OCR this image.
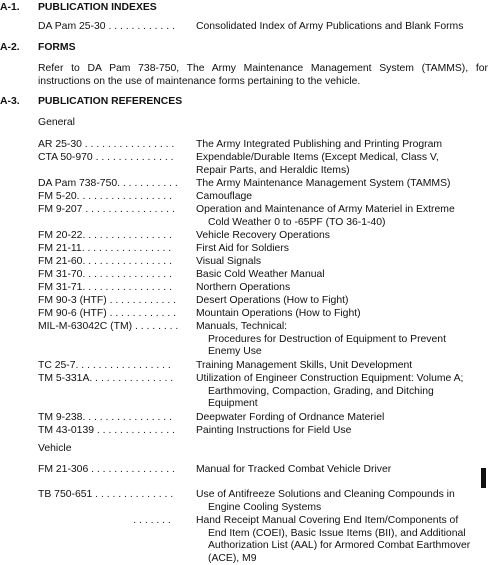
A-1.	PUBLICATION INDEXES
DA Pam 25-30 . . . . . . . . . . . .	Consolidated Index of Army Publications and Blank Forms
A-2.	FORMS
Refer to DA Pam 738-750, The Army Maintenance Management System (TAMMS), for instructions on the use of maintenance forms pertaining to the vehicle.
A-3.	PUBLICATION REFERENCES
General
AR 25-30 . . . . . . . . . . . . . . . .	The Army Integrated Publishing and Printing Program
CTA 50-970 . . . . . . . . . . . . . .	Expendable/Durable Items (Except Medical, Class V,
Repair Parts, and Heraldic Items)
DA Pam 738-750. . . . . . . . . . .	The Army Maintenance Management System (TAMMS)
FM 5-20. . . . . . . . . . . . . . . . .	Camouflage
FM 9-207 . . . . . . . . . . . . . . . .	Operation and Maintenance of Army Materiel in Extreme
Cold Weather 0 to -65PF (TO 36-1-40)
FM 20-22. . . . . . . . . . . . . . . .	Vehicle Recovery Operations
FM 21-11. . . . . . . . . . . . . . . .	First Aid for Soldiers
FM 21-60. . . . . . . . . . . . . . . .	Visual Signals
FM 31-70. . . . . . . . . . . . . . . .	Basic Cold Weather Manual
FM 31-71. . . . . . . . . . . . . . . .	Northern Operations
FM 90-3 (HTF) . . . . . . . . . . . .	Desert Operations (How to Fight)
FM 90-6 (HTF) . . . . . . . . . . . .	Mountain Operations (How to Fight)
MIL-M-63042C (TM) . . . . . . . .	Manuals, Technical:
Procedures for Destruction of Equipment to Prevent
Enemy Use
TC 25-7. . . . . . . . . . . . . . . . .	Training Management Skills, Unit Development
TM 5-331A. . . . . . . . . . . . . . .	Utilization of Engineer Construction Equipment: Volume A;
Earthmoving, Compaction, Grading, and Ditching
Equipment
TM 9-238. . . . . . . . . . . . . . . .	Deepwater Fording of Ordnance Materiel
TM 43-0139 . . . . . . . . . . . . . .	Painting Instructions for Field Use
Vehicle
FM 21-306 . . . . . . . . . . . . . . .	Manual for Tracked Combat Vehicle Driver
TB 750-651 . . . . . . . . . . . . . .	Use of Antifreeze Solutions and Cleaning Compounds in
Engine Cooling Systems
. . . . . . .	Hand Receipt Manual Covering End Item/Components of
End Item (COEI), Basic Issue Items (BII), and Additional
Authorization List (AAL) for Armored Combat Earthmover
(ACE), M9
